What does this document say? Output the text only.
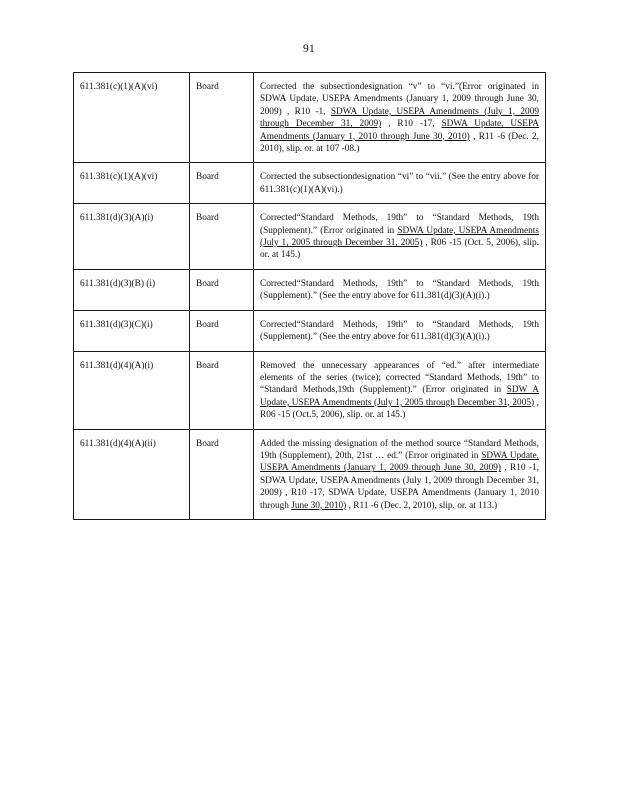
91
611.381(c)(1)(A)(vi)	Board	Corrected the subsectiondesignation “v” to “vi.”(Error originated in SDWA Update, USEPA Amendments (January 1, 2009 through June 30, 2009) , R10 -1, SDWA Update, USEPA Amendments (July 1, 2009 through December 31, 2009) , R10 -17, SDWA Update, USEPA Amendments (January 1, 2010 through June 30, 2010) , R11 -6 (Dec. 2, 2010), slip. or. at 107 -08.)
611.381(c)(1)(A)(vi)	Board	Corrected the subsectiondesignation “vi” to “vii.” (See the entry above for 611.381(c)(1)(A)(vi).)
611.381(d)(3)(A)(i)	Board	Corrected“Standard Methods, 19th” to “Standard Methods, 19th (Supplement).” (Error originated in SDWA Update, USEPA Amendments (July 1, 2005 through December 31, 2005) , R06 -15 (Oct. 5, 2006), slip. or. at 145.)
611.381(d)(3)(B) (i)	Board	Corrected“Standard Methods, 19th” to “Standard Methods, 19th (Supplement).” (See the entry above for 611.381(d)(3)(A)(i).)
611.381(d)(3)(C)(i)	Board	Corrected“Standard Methods, 19th” to “Standard Methods, 19th (Supplement).” (See the entry above for 611.381(d)(3)(A)(i).)
611.381(d)(4)(A)(i)	Board	Removed the unnecessary appearances of “ed.” after intermediate elements of the series (twice); corrected “Standard Methods, 19th” to “Standard Methods,19th (Supplement).” (Error originated in SDW A Update, USEPA Amendments (July 1, 2005 through December 31, 2005) , R06 -15 (Oct.5, 2006), slip. or. at 145.)
611.381(d)(4)(A)(ii)	Board	Added the missing designation of the method source “Standard Methods, 19th (Supplement), 20th, 21st … ed.” (Error originated in SDWA Update, USEPA Amendments (January 1, 2009 through June 30, 2009) , R10 -1, SDWA Update, USEPA Amendments (July 1, 2009 through December 31, 2009) , R10 -17, SDWA Update, USEPA Amendments (January 1, 2010 through June 30, 2010) , R11 -6 (Dec. 2, 2010), slip. or. at 113.)
